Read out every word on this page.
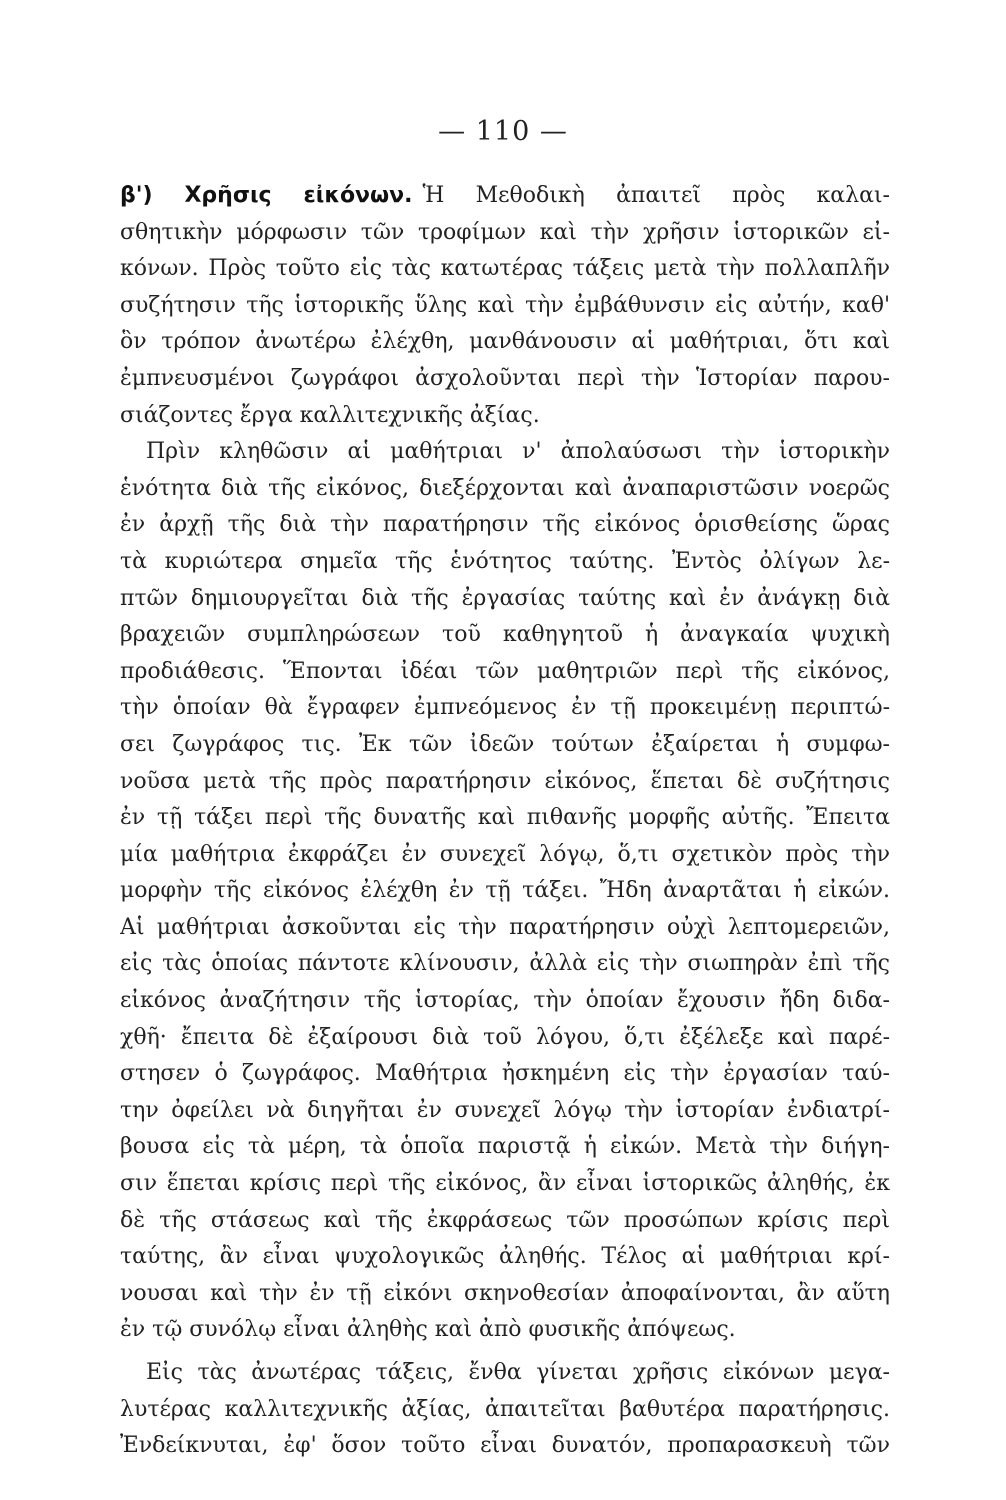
— 110 —
β') Χρῆσις εἰκόνων. Ἡ Μεθοδικὴ ἀπαιτεῖ πρὸς καλαι-
σθητικὴν μόρφωσιν τῶν τροφίμων καὶ τὴν χρῆσιν ἱστορικῶν εἰ-
κόνων. Πρὸς τοῦτο εἰς τὰς κατωτέρας τάξεις μετὰ τὴν πολλαπλῆν
συζήτησιν τῆς ἱστορικῆς ὕλης καὶ τὴν ἐμβάθυνσιν εἰς αὐτήν, καθ'
ὃν τρόπον ἀνωτέρω ἐλέχθη, μανθάνουσιν αἱ μαθήτριαι, ὅτι καὶ
ἐμπνευσμένοι ζωγράφοι ἀσχολοῦνται περὶ τὴν Ἱστορίαν παρου-
σιάζοντες ἔργα καλλιτεχνικῆς ἀξίας.
Πρὶν κληθῶσιν αἱ μαθήτριαι ν' ἀπολαύσωσι τὴν ἱστορικὴν
ἑνότητα διὰ τῆς εἰκόνος, διεξέρχονται καὶ ἀναπαριστῶσιν νοερῶς
ἐν ἀρχῇ τῆς διὰ τὴν παρατήρησιν τῆς εἰκόνος ὁρισθείσης ὥρας
τὰ κυριώτερα σημεῖα τῆς ἑνότητος ταύτης. Ἐντὸς ὀλίγων λε-
πτῶν δημιουργεῖται διὰ τῆς ἐργασίας ταύτης καὶ ἐν ἀνάγκῃ διὰ
βραχειῶν συμπληρώσεων τοῦ καθηγητοῦ ἡ ἀναγκαία ψυχικὴ
προδιάθεσις. Ἕπονται ἰδέαι τῶν μαθητριῶν περὶ τῆς εἰκόνος,
τὴν ὁποίαν θὰ ἔγραφεν ἐμπνεόμενος ἐν τῇ προκειμένῃ περιπτώ-
σει ζωγράφος τις. Ἐκ τῶν ἰδεῶν τούτων ἐξαίρεται ἡ συμφω-
νοῦσα μετὰ τῆς πρὸς παρατήρησιν εἰκόνος, ἕπεται δὲ συζήτησις
ἐν τῇ τάξει περὶ τῆς δυνατῆς καὶ πιθανῆς μορφῆς αὐτῆς. Ἔπειτα
μία μαθήτρια ἐκφράζει ἐν συνεχεῖ λόγῳ, ὅ,τι σχετικὸν πρὸς τὴν
μορφὴν τῆς εἰκόνος ἐλέχθη ἐν τῇ τάξει. Ἤδη ἀναρτᾶται ἡ εἰκών.
Αἱ μαθήτριαι ἀσκοῦνται εἰς τὴν παρατήρησιν οὐχὶ λεπτομερειῶν,
εἰς τὰς ὁποίας πάντοτε κλίνουσιν, ἀλλὰ εἰς τὴν σιωπηρὰν ἐπὶ τῆς
εἰκόνος ἀναζήτησιν τῆς ἱστορίας, τὴν ὁποίαν ἔχουσιν ἤδη διδα-
χθῆ· ἔπειτα δὲ ἐξαίρουσι διὰ τοῦ λόγου, ὅ,τι ἐξέλεξε καὶ παρέ-
στησεν ὁ ζωγράφος. Μαθήτρια ἠσκημένη εἰς τὴν ἐργασίαν ταύ-
την ὀφείλει νὰ διηγῆται ἐν συνεχεῖ λόγῳ τὴν ἱστορίαν ἐνδιατρί-
βουσα εἰς τὰ μέρη, τὰ ὁποῖα παριστᾷ ἡ εἰκών. Μετὰ τὴν διήγη-
σιν ἕπεται κρίσις περὶ τῆς εἰκόνος, ἂν εἶναι ἱστορικῶς ἀληθής, ἐκ
δὲ τῆς στάσεως καὶ τῆς ἐκφράσεως τῶν προσώπων κρίσις περὶ
ταύτης, ἂν εἶναι ψυχολογικῶς ἀληθής. Τέλος αἱ μαθήτριαι κρί-
νουσαι καὶ τὴν ἐν τῇ εἰκόνι σκηνοθεσίαν ἀποφαίνονται, ἂν αὕτη
ἐν τῷ συνόλῳ εἶναι ἀληθὴς καὶ ἀπὸ φυσικῆς ἀπόψεως.
Εἰς τὰς ἀνωτέρας τάξεις, ἔνθα γίνεται χρῆσις εἰκόνων μεγα-
λυτέρας καλλιτεχνικῆς ἀξίας, ἀπαιτεῖται βαθυτέρα παρατήρησις.
Ἐνδείκνυται, ἐφ' ὅσον τοῦτο εἶναι δυνατόν, προπαρασκευὴ τῶν
